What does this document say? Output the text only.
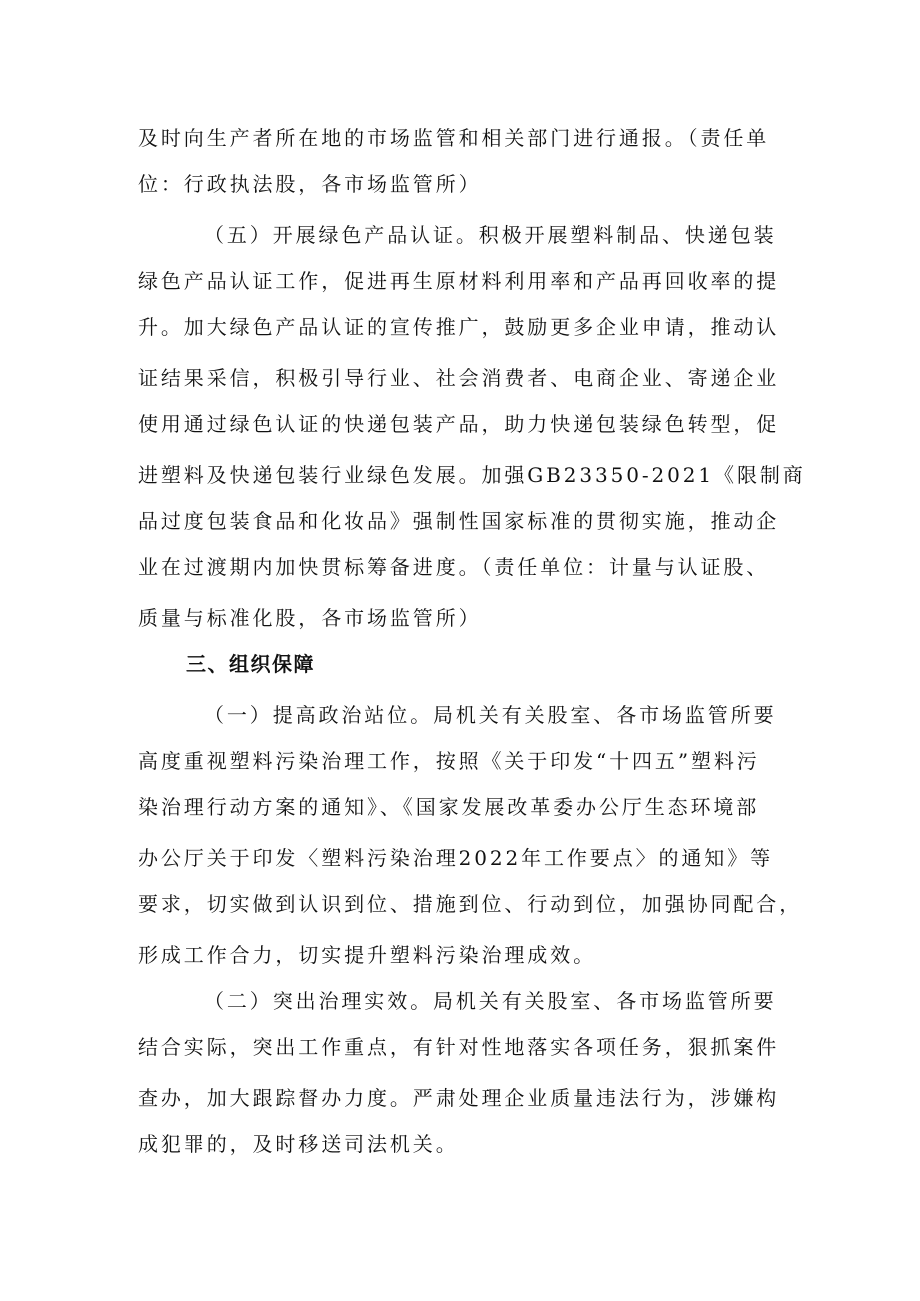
及时向生产者所在地的市场监管和相关部门进行通报。（责任单
位：行政执法股，各市场监管所）
（五）开展绿色产品认证。积极开展塑料制品、快递包装
绿色产品认证工作，促进再生原材料利用率和产品再回收率的提
升。加大绿色产品认证的宣传推广，鼓励更多企业申请，推动认
证结果采信，积极引导行业、社会消费者、电商企业、寄递企业
使用通过绿色认证的快递包装产品，助力快递包装绿色转型，促
进塑料及快递包装行业绿色发展。加强GB23350-2021《限制商
品过度包装食品和化妆品》强制性国家标准的贯彻实施，推动企
业在过渡期内加快贯标筹备进度。（责任单位：计量与认证股、
质量与标准化股，各市场监管所）
三、组织保障
（一）提高政治站位。局机关有关股室、各市场监管所要
高度重视塑料污染治理工作，按照《关于印发“十四五”塑料污
染治理行动方案的通知》、《国家发展改革委办公厅生态环境部
办公厅关于印发〈塑料污染治理2022年工作要点〉的通知》等
要求，切实做到认识到位、措施到位、行动到位，加强协同配合，
形成工作合力，切实提升塑料污染治理成效。
（二）突出治理实效。局机关有关股室、各市场监管所要
结合实际，突出工作重点，有针对性地落实各项任务，狠抓案件
查办，加大跟踪督办力度。严肃处理企业质量违法行为，涉嫌构
成犯罪的，及时移送司法机关。
